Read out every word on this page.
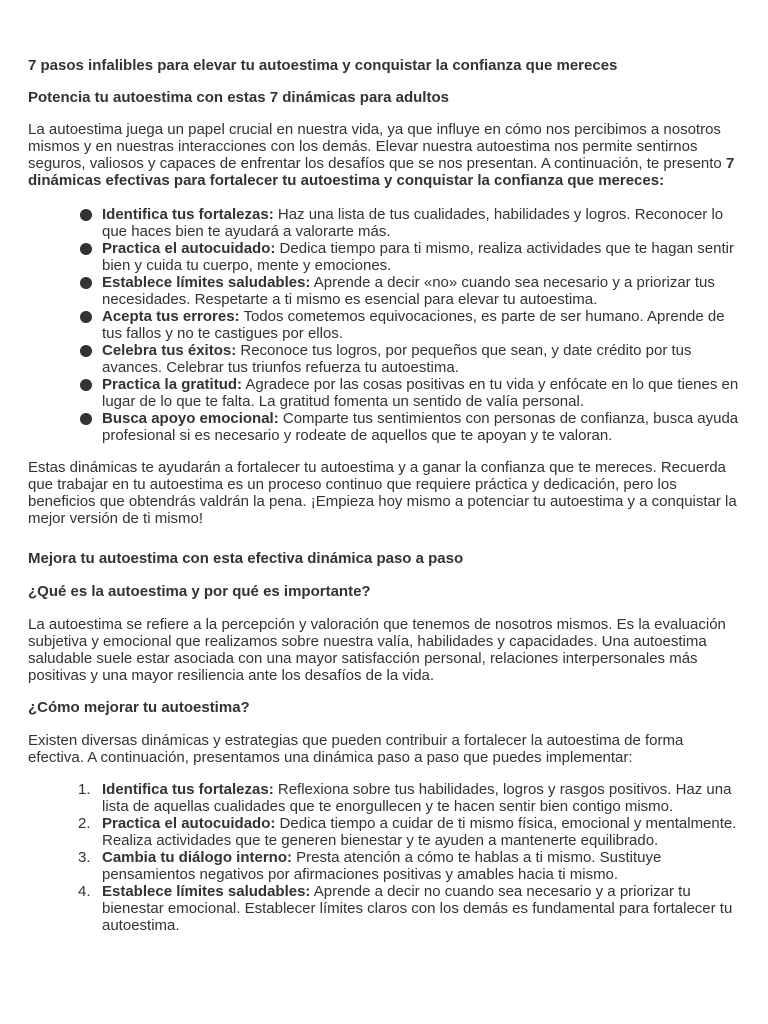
7 pasos infalibles para elevar tu autoestima y conquistar la confianza que mereces
Potencia tu autoestima con estas 7 dinámicas para adultos

La autoestima juega un papel crucial en nuestra vida, ya que influye en cómo nos percibimos a nosotros mismos y en nuestras interacciones con los demás. Elevar nuestra autoestima nos permite sentirnos seguros, valiosos y capaces de enfrentar los desafíos que se nos presentan. A continuación, te presento 7 dinámicas efectivas para fortalecer tu autoestima y conquistar la confianza que mereces:

Identifica tus fortalezas: Haz una lista de tus cualidades, habilidades y logros. Reconocer lo que haces bien te ayudará a valorarte más.
Practica el autocuidado: Dedica tiempo para ti mismo, realiza actividades que te hagan sentir bien y cuida tu cuerpo, mente y emociones.
Establece límites saludables: Aprende a decir «no» cuando sea necesario y a priorizar tus necesidades. Respetarte a ti mismo es esencial para elevar tu autoestima.
Acepta tus errores: Todos cometemos equivocaciones, es parte de ser humano. Aprende de tus fallos y no te castigues por ellos.
Celebra tus éxitos: Reconoce tus logros, por pequeños que sean, y date crédito por tus avances. Celebrar tus triunfos refuerza tu autoestima.
Practica la gratitud: Agradece por las cosas positivas en tu vida y enfócate en lo que tienes en lugar de lo que te falta. La gratitud fomenta un sentido de valía personal.
Busca apoyo emocional: Comparte tus sentimientos con personas de confianza, busca ayuda profesional si es necesario y rodeate de aquellos que te apoyan y te valoran.

Estas dinámicas te ayudarán a fortalecer tu autoestima y a ganar la confianza que te mereces. Recuerda que trabajar en tu autoestima es un proceso continuo que requiere práctica y dedicación, pero los beneficios que obtendrás valdrán la pena. ¡Empieza hoy mismo a potenciar tu autoestima y a conquistar la mejor versión de ti mismo!

Mejora tu autoestima con esta efectiva dinámica paso a paso
¿Qué es la autoestima y por qué es importante?

La autoestima se refiere a la percepción y valoración que tenemos de nosotros mismos. Es la evaluación subjetiva y emocional que realizamos sobre nuestra valía, habilidades y capacidades. Una autoestima saludable suele estar asociada con una mayor satisfacción personal, relaciones interpersonales más positivas y una mayor resiliencia ante los desafíos de la vida.

¿Cómo mejorar tu autoestima?

Existen diversas dinámicas y estrategias que pueden contribuir a fortalecer la autoestima de forma efectiva. A continuación, presentamos una dinámica paso a paso que puedes implementar:

1. Identifica tus fortalezas: Reflexiona sobre tus habilidades, logros y rasgos positivos. Haz una lista de aquellas cualidades que te enorgullecen y te hacen sentir bien contigo mismo.
2. Practica el autocuidado: Dedica tiempo a cuidar de ti mismo física, emocional y mentalmente. Realiza actividades que te generen bienestar y te ayuden a mantenerte equilibrado.
3. Cambia tu diálogo interno: Presta atención a cómo te hablas a ti mismo. Sustituye pensamientos negativos por afirmaciones positivas y amables hacia ti mismo.
4. Establece límites saludables: Aprende a decir no cuando sea necesario y a priorizar tu bienestar emocional. Establecer límites claros con los demás es fundamental para fortalecer tu autoestima.
